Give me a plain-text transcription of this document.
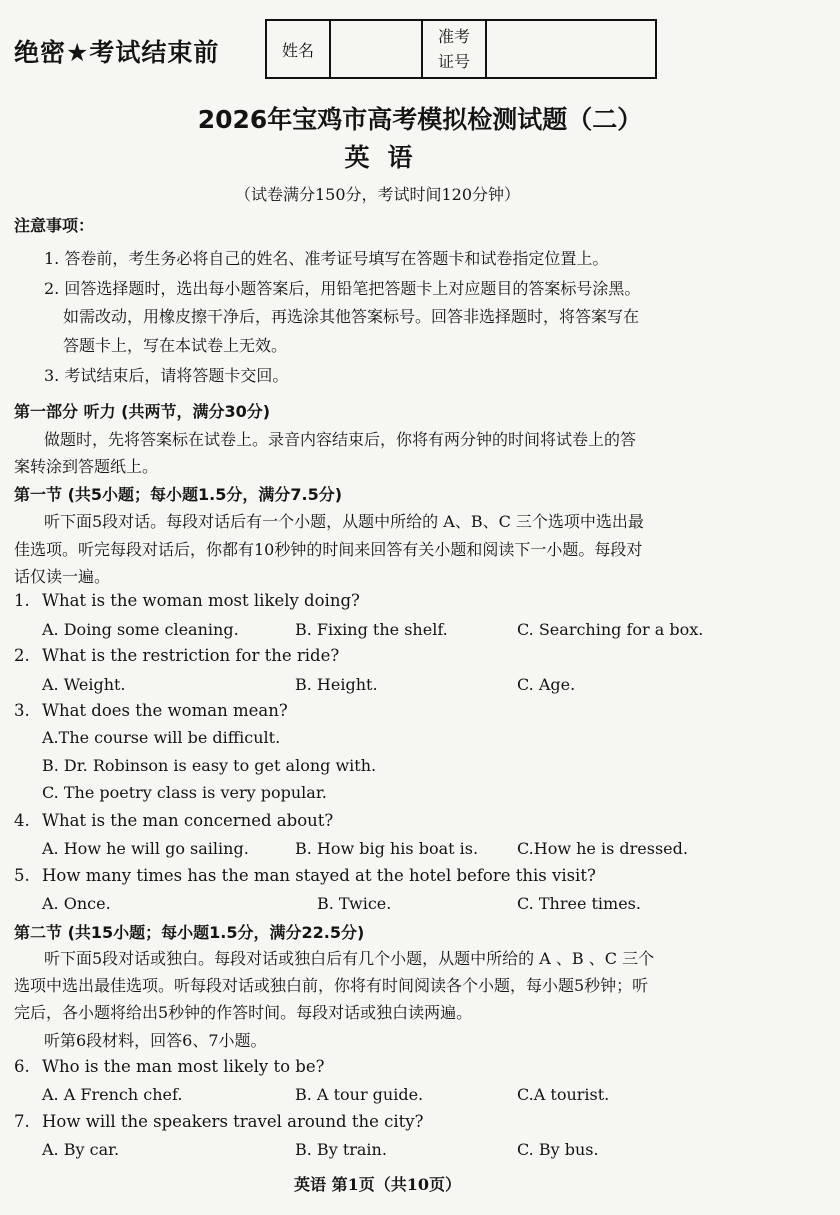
绝密★考试结束前	姓名
准考
证号
2026年宝鸡市高考模拟检测试题（二）
英语
（试卷满分150分，考试时间120分钟）
注意事项：
1. 答卷前，考生务必将自己的姓名、准考证号填写在答题卡和试卷指定位置上。
2. 回答选择题时，选出每小题答案后，用铅笔把答题卡上对应题目的答案标号涂黑。
如需改动，用橡皮擦干净后，再选涂其他答案标号。回答非选择题时，将答案写在
答题卡上，写在本试卷上无效。
3. 考试结束后，请将答题卡交回。
第一部分 听力 (共两节，满分30分)
做题时，先将答案标在试卷上。录音内容结束后，你将有两分钟的时间将试卷上的答
案转涂到答题纸上。
第一节 (共5小题；每小题1.5分，满分7.5分)
听下面5段对话。每段对话后有一个小题，从题中所给的 A、B、C 三个选项中选出最
佳选项。听完每段对话后，你都有10秒钟的时间来回答有关小题和阅读下一小题。每段对
话仅读一遍。
1. What is the woman most likely doing?
A. Doing some cleaning.	B. Fixing the shelf.	C. Searching for a box.
2. What is the restriction for the ride?
A. Weight.	B. Height.	C. Age.
3. What does the woman mean?
A.The course will be difficult.
B. Dr. Robinson is easy to get along with.
C. The poetry class is very popular.
4. What is the man concerned about?
A. How he will go sailing.	B. How big his boat is. C.How he is dressed.
5. How many times has the man stayed at the hotel before this visit?
A. Once.	B. Twice.	C. Three times.
第二节 (共15小题；每小题1.5分，满分22.5分)
听下面5段对话或独白。每段对话或独白后有几个小题，从题中所给的 A 、B 、C 三个
选项中选出最佳选项。听每段对话或独白前，你将有时间阅读各个小题，每小题5秒钟；听
完后，各小题将给出5秒钟的作答时间。每段对话或独白读两遍。
听第6段材料，回答6、7小题。
6. Who is the man most likely to be?
A. A French chef.	B. A tour guide.	C.A tourist.
7. How will the speakers travel around the city?
A. By car.	B. By train.	C. By bus.
英语 第1页（共10页）
